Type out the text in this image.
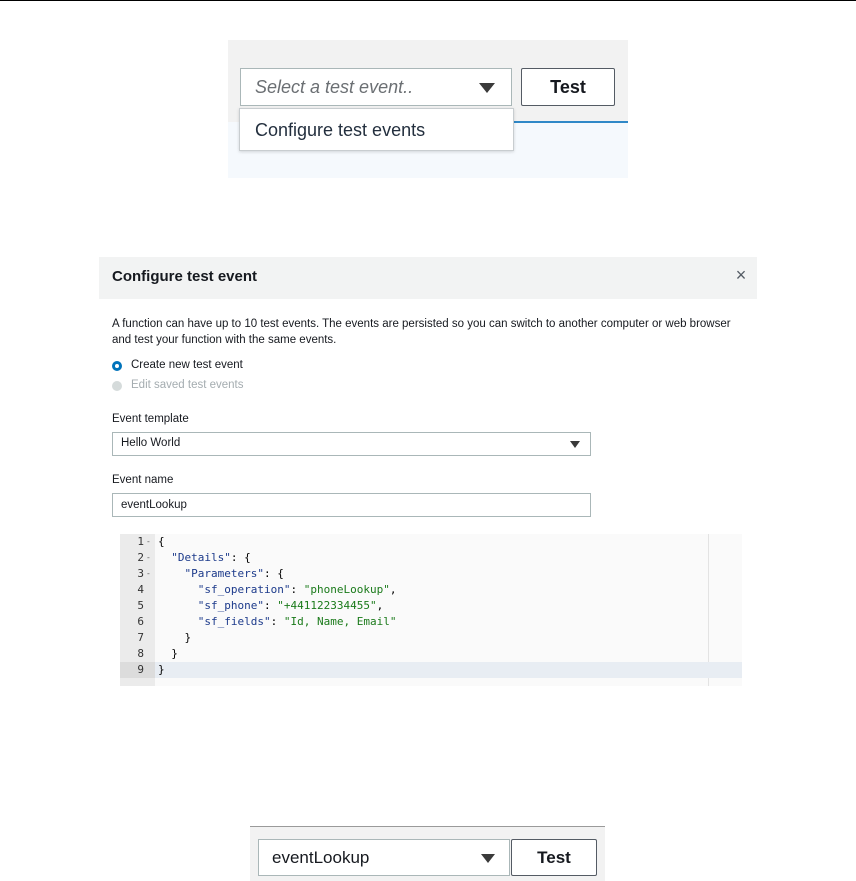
Select a test event..	Test
Configure test events
Configure test event	×
A function can have up to 10 test events. The events are persisted so you can switch to another computer or web browser and test your function with the same events.
Create new test event
Edit saved test events
Event template
Hello World
Event name
eventLookup
1 - {
2 -	"Details": {
3 -	"Parameters": {
4	"sf_operation": "phoneLookup",
5	"sf_phone": "+441122334455",
6	"sf_fields": "Id, Name, Email"
7	}
8	}
9	}
eventLookup	Test
